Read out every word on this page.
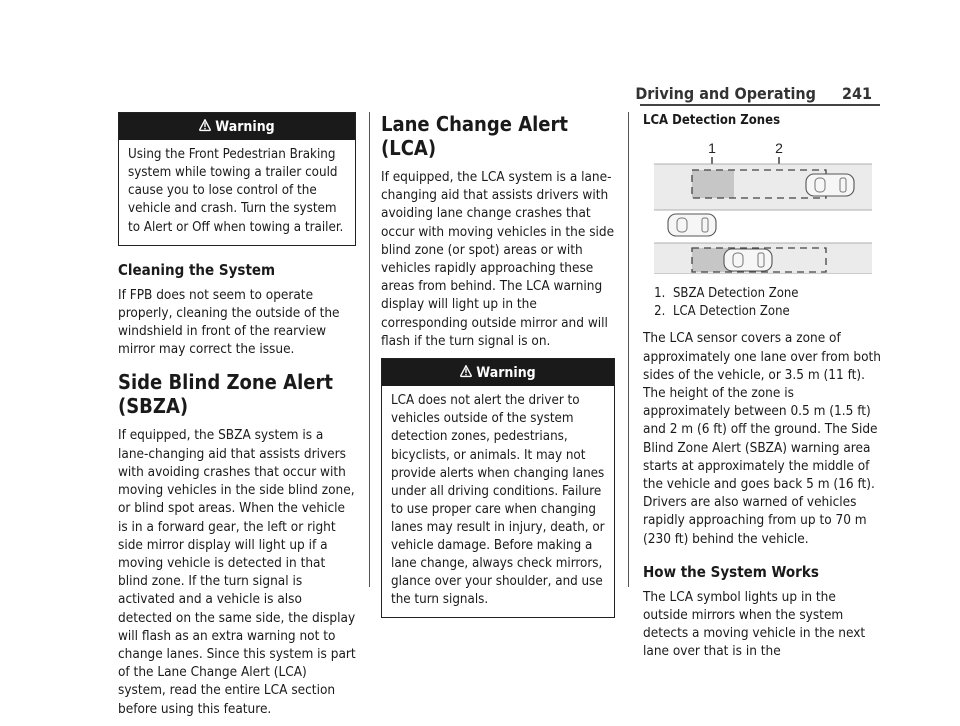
Driving and Operating 241
Warning
Using the Front Pedestrian Braking system while towing a trailer could cause you to lose control of the vehicle and crash. Turn the system to Alert or Off when towing a trailer.
Cleaning the System

If FPB does not seem to operate properly, cleaning the outside of the windshield in front of the rearview mirror may correct the issue.

Side Blind Zone Alert (SBZA)

If equipped, the SBZA system is a lane-changing aid that assists drivers with avoiding crashes that occur with moving vehicles in the side blind zone, or blind spot areas. When the vehicle is in a forward gear, the left or right side mirror display will light up if a moving vehicle is detected in that blind zone. If the turn signal is activated and a vehicle is also detected on the same side, the display will flash as an extra warning not to change lanes. Since this system is part of the Lane Change Alert (LCA) system, read the entire LCA section before using this feature.

Lane Change Alert (LCA)

If equipped, the LCA system is a lane-changing aid that assists drivers with avoiding lane change crashes that occur with moving vehicles in the side blind zone (or spot) areas or with vehicles rapidly approaching these areas from behind. The LCA warning display will light up in the corresponding outside mirror and will flash if the turn signal is on.

Warning
LCA does not alert the driver to vehicles outside of the system detection zones, pedestrians, bicyclists, or animals. It may not provide alerts when changing lanes under all driving conditions. Failure to use proper care when changing lanes may result in injury, death, or vehicle damage. Before making a lane change, always check mirrors, glance over your shoulder, and use the turn signals.
LCA Detection Zones
1	2
1. SBZA Detection Zone
2. LCA Detection Zone

The LCA sensor covers a zone of approximately one lane over from both sides of the vehicle, or 3.5 m (11 ft). The height of the zone is approximately between 0.5 m (1.5 ft) and 2 m (6 ft) off the ground. The Side Blind Zone Alert (SBZA) warning area starts at approximately the middle of the vehicle and goes back 5 m (16 ft). Drivers are also warned of vehicles rapidly approaching from up to 70 m (230 ft) behind the vehicle.

How the System Works

The LCA symbol lights up in the outside mirrors when the system detects a moving vehicle in the next lane over that is in the
